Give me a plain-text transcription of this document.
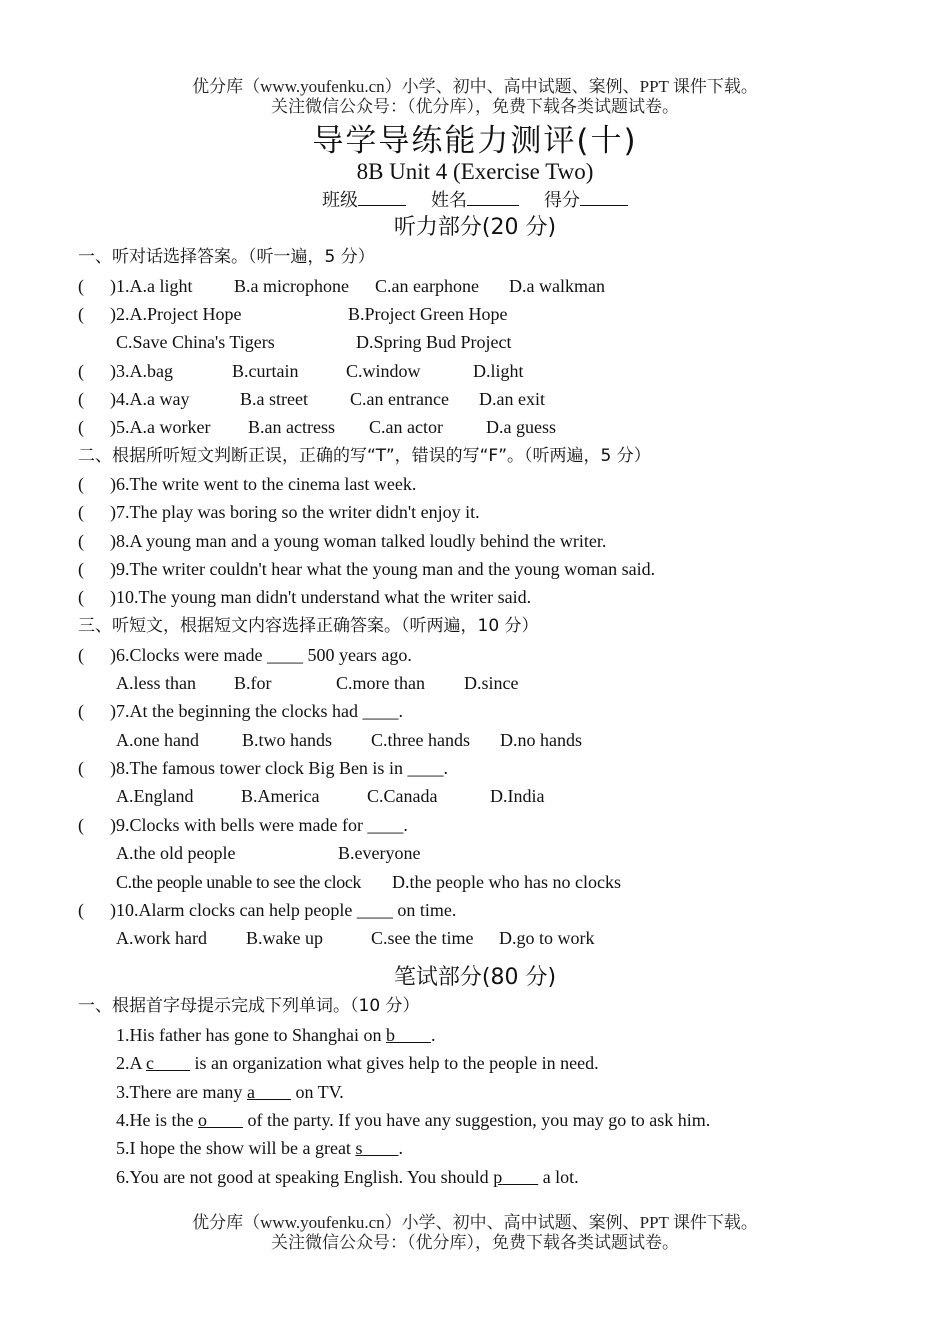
优分库（www.youfenku.cn）小学、初中、高中试题、案例、PPT 课件下载。
关注微信公众号：（优分库），免费下载各类试题试卷。
导学导练能力测评(十)
8B Unit 4 (Exercise Two)
班级	姓名	得分
听力部分(20 分)
一、听对话选择答案。（听一遍，5 分）
( )1.A.a light B.a microphone C.an earphone D.a walkman
( )2.A.Project Hope	B.Project Green Hope
C.Save China's Tigers	D.Spring Bud Project
( )3.A.bag	B.curtain	C.window	D.light
( )4.A.a way	B.a street C.an entrance D.an exit
( )5.A.a worker B.an actress C.an actor D.a guess
二、根据所听短文判断正误，正确的写“T”，错误的写“F”。（听两遍，5 分）
( )6.The write went to the cinema last week.
( )7.The play was boring so the writer didn't enjoy it.
( )8.A young man and a young woman talked loudly behind the writer.
( )9.The writer couldn't hear what the young man and the young woman said.
( )10.The young man didn't understand what the writer said.
三、听短文，根据短文内容选择正确答案。（听两遍，10 分）
( )6.Clocks were made ____ 500 years ago.
A.less than B.for	C.more than D.since
( )7.At the beginning the clocks had ____.
A.one hand B.two hands C.three hands D.no hands
( )8.The famous tower clock Big Ben is in ____.
A.England	B.America	C.Canada	D.India
( )9.Clocks with bells were made for ____.
A.the old people	B.everyone
C.the people unable to see the clock D.the people who has no clocks
( )10.Alarm clocks can help people ____ on time.
A.work hard B.wake up	C.see the time D.go to work
笔试部分(80 分)
一、根据首字母提示完成下列单词。（10 分）
1.His father has gone to Shanghai on b .
2.A c         is an organization what gives help to the people in need.
3.There are many a         on TV.
4.He is the o         of the party. If you have any suggestion, you may go to ask him.
5.I hope the show will be a great s .
6.You are not good at speaking English. You should p         a lot.
优分库（www.youfenku.cn）小学、初中、高中试题、案例、PPT 课件下载。
关注微信公众号：（优分库），免费下载各类试题试卷。
